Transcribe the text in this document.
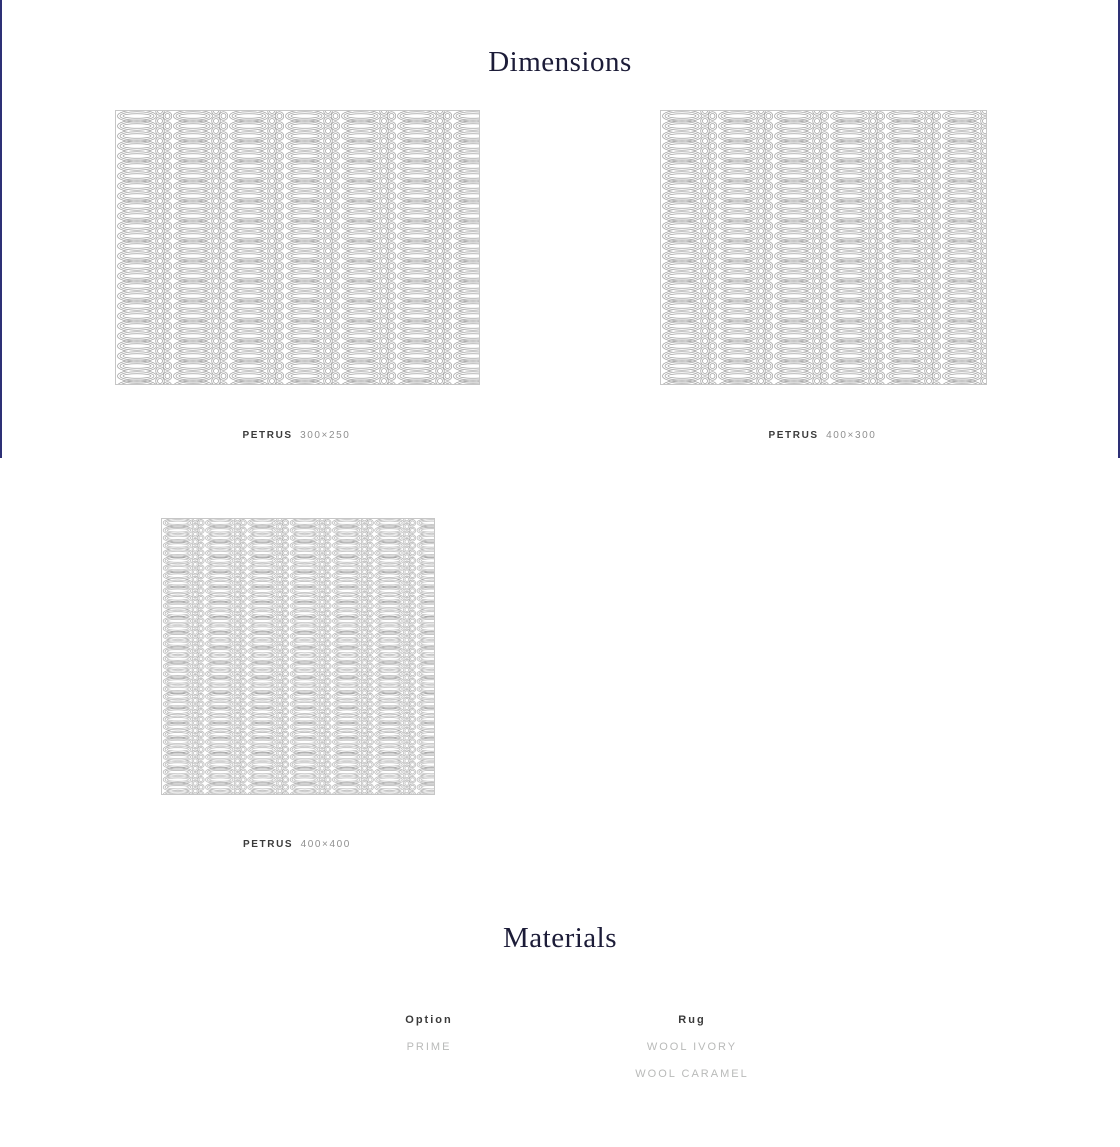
Dimensions
PETRUS 300×250	PETRUS 400×300
PETRUS 400×400
Materials
Option
PRIME
Rug
WOOL IVORY
WOOL CARAMEL
